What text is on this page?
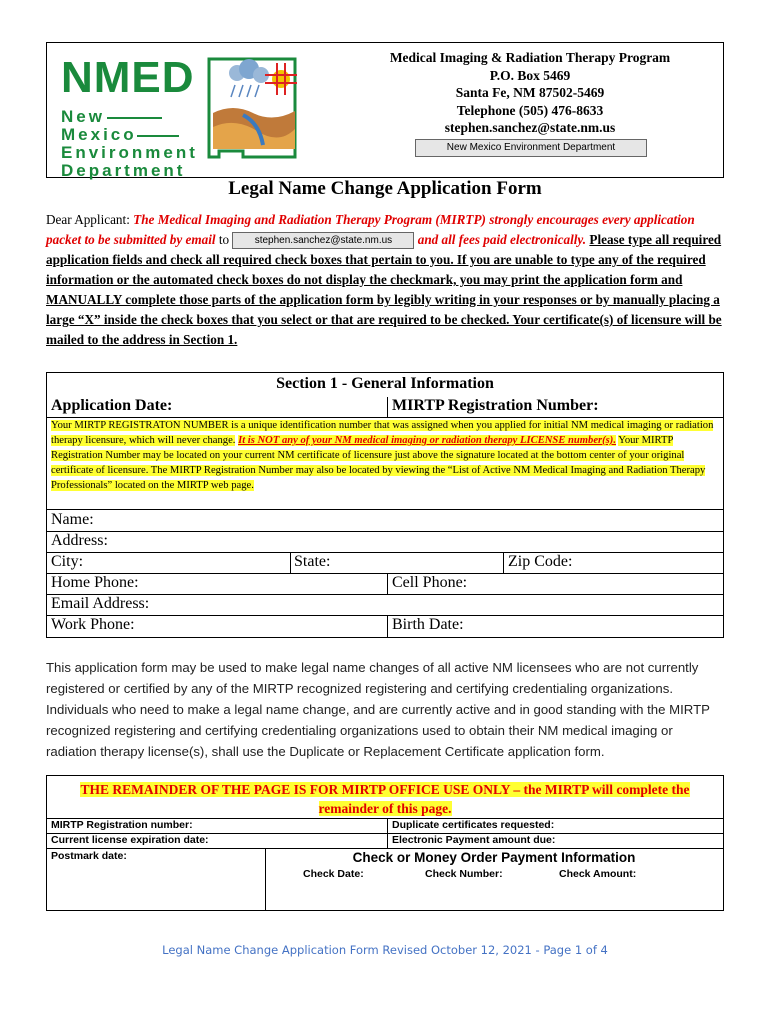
NMED
New
Mexico
Environment
Department
Medical Imaging & Radiation Therapy Program
P.O. Box 5469
Santa Fe, NM 87502-5469
Telephone (505) 476-8633
stephen.sanchez@state.nm.us
New Mexico Environment Department
Legal Name Change Application Form
Dear Applicant: The Medical Imaging and Radiation Therapy Program (MIRTP) strongly encourages every application packet to be submitted by email to	stephen.sanchez@state.nm.us and all fees paid electronically. Please type all required application fields and check all required check boxes that pertain to you. If you are unable to type any of the required information or the automated check boxes do not display the checkmark, you may print the application form and MANUALLY complete those parts of the application form by legibly writing in your responses or by manually placing a large “X” inside the check boxes that you select or that are required to be checked. Your certificate(s) of licensure will be mailed to the address in Section 1.
Section 1 - General Information
Application Date:	MIRTP Registration Number:
Your MIRTP REGISTRATON NUMBER is a unique identification number that was assigned when you applied for initial NM medical imaging or radiation therapy licensure, which will never change. It is NOT any of your NM medical imaging or radiation therapy LICENSE number(s). Your MIRTP Registration Number may be located on your current NM certificate of licensure just above the signature located at the bottom center of your original certificate of licensure. The MIRTP Registration Number may also be located by viewing the “List of Active NM Medical Imaging and Radiation Therapy Professionals” located on the MIRTP web page.
Name:
Address:
City:	State:	Zip Code:
Home Phone:	Cell Phone:
Email Address:
Work Phone:	Birth Date:
This application form may be used to make legal name changes of all active NM licensees who are not currently registered or certified by any of the MIRTP recognized registering and certifying credentialing organizations. Individuals who need to make a legal name change, and are currently active and in good standing with the MIRTP recognized registering and certifying credentialing organizations used to obtain their NM medical imaging or radiation therapy license(s), shall use the Duplicate or Replacement Certificate application form.
THE REMAINDER OF THE PAGE IS FOR MIRTP OFFICE USE ONLY – the MIRTP will complete the remainder of this page.
MIRTP Registration number:	Duplicate certificates requested:
Current license expiration date:	Electronic Payment amount due:
Postmark date:	Check or Money Order Payment Information
Check Date:	Check Number:	Check Amount:
Legal Name Change Application Form Revised October 12, 2021 - Page 1 of 4
